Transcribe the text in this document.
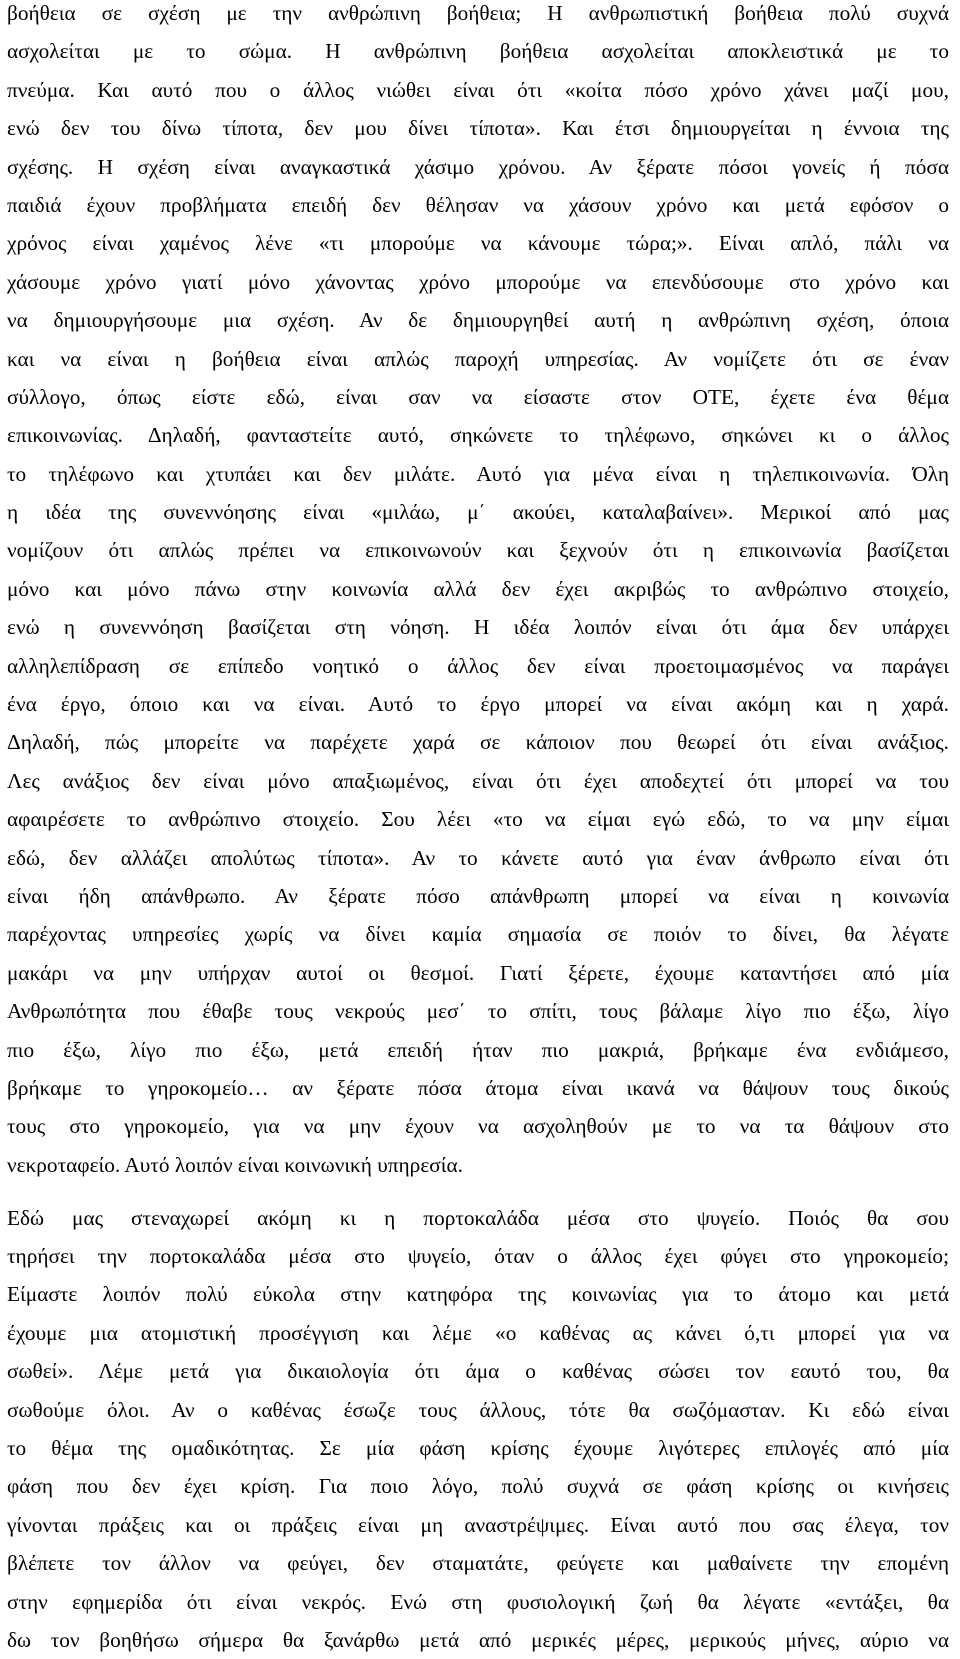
βοήθεια σε σχέση με την ανθρώπινη βοήθεια; Η ανθρωπιστική βοήθεια πολύ συχνά
ασχολείται με το σώμα. Η ανθρώπινη βοήθεια ασχολείται αποκλειστικά με το
πνεύμα. Και αυτό που ο άλλος νιώθει είναι ότι «κοίτα πόσο χρόνο χάνει μαζί μου,
ενώ δεν του δίνω τίποτα, δεν μου δίνει τίποτα». Και έτσι δημιουργείται η έννοια της
σχέσης. Η σχέση είναι αναγκαστικά χάσιμο χρόνου. Αν ξέρατε πόσοι γονείς ή πόσα
παιδιά έχουν προβλήματα επειδή δεν θέλησαν να χάσουν χρόνο και μετά εφόσον ο
χρόνος είναι χαμένος λένε «τι μπορούμε να κάνουμε τώρα;». Είναι απλό, πάλι να
χάσουμε χρόνο γιατί μόνο χάνοντας χρόνο μπορούμε να επενδύσουμε στο χρόνο και
να δημιουργήσουμε μια σχέση. Αν δε δημιουργηθεί αυτή η ανθρώπινη σχέση, όποια
και να είναι η βοήθεια είναι απλώς παροχή υπηρεσίας. Αν νομίζετε ότι σε έναν
σύλλογο, όπως είστε εδώ, είναι σαν να είσαστε στον ΟΤΕ, έχετε ένα θέμα
επικοινωνίας. Δηλαδή, φανταστείτε αυτό, σηκώνετε το τηλέφωνο, σηκώνει κι ο άλλος
το τηλέφωνο και χτυπάει και δεν μιλάτε. Αυτό για μένα είναι η τηλεπικοινωνία. Όλη
η ιδέα της συνεννόησης είναι «μιλάω, μ΄ ακούει, καταλαβαίνει». Μερικοί από μας
νομίζουν ότι απλώς πρέπει να επικοινωνούν και ξεχνούν ότι η επικοινωνία βασίζεται
μόνο και μόνο πάνω στην κοινωνία αλλά δεν έχει ακριβώς το ανθρώπινο στοιχείο,
ενώ η συνεννόηση βασίζεται στη νόηση. Η ιδέα λοιπόν είναι ότι άμα δεν υπάρχει
αλληλεπίδραση σε επίπεδο νοητικό ο άλλος δεν είναι προετοιμασμένος να παράγει
ένα έργο, όποιο και να είναι. Αυτό το έργο μπορεί να είναι ακόμη και η χαρά.
Δηλαδή, πώς μπορείτε να παρέχετε χαρά σε κάποιον που θεωρεί ότι είναι ανάξιος.
Λες ανάξιος δεν είναι μόνο απαξιωμένος, είναι ότι έχει αποδεχτεί ότι μπορεί να του
αφαιρέσετε το ανθρώπινο στοιχείο. Σου λέει «το να είμαι εγώ εδώ, το να μην είμαι
εδώ, δεν αλλάζει απολύτως τίποτα». Αν το κάνετε αυτό για έναν άνθρωπο είναι ότι
είναι ήδη απάνθρωπο. Αν ξέρατε πόσο απάνθρωπη μπορεί να είναι η κοινωνία
παρέχοντας υπηρεσίες χωρίς να δίνει καμία σημασία σε ποιόν το δίνει, θα λέγατε
μακάρι να μην υπήρχαν αυτοί οι θεσμοί. Γιατί ξέρετε, έχουμε καταντήσει από μία
Ανθρωπότητα που έθαβε τους νεκρούς μεσ΄ το σπίτι, τους βάλαμε λίγο πιο έξω, λίγο
πιο έξω, λίγο πιο έξω, μετά επειδή ήταν πιο μακριά, βρήκαμε ένα ενδιάμεσο,
βρήκαμε το γηροκομείο… αν ξέρατε πόσα άτομα είναι ικανά να θάψουν τους δικούς
τους στο γηροκομείο, για να μην έχουν να ασχοληθούν με το να τα θάψουν στο
νεκροταφείο. Αυτό λοιπόν είναι κοινωνική υπηρεσία.
Εδώ μας στεναχωρεί ακόμη κι η πορτοκαλάδα μέσα στο ψυγείο. Ποιός θα σου
τηρήσει την πορτοκαλάδα μέσα στο ψυγείο, όταν ο άλλος έχει φύγει στο γηροκομείο;
Είμαστε λοιπόν πολύ εύκολα στην κατηφόρα της κοινωνίας για το άτομο και μετά
έχουμε μια ατομιστική προσέγγιση και λέμε «ο καθένας ας κάνει ό,τι μπορεί για να
σωθεί». Λέμε μετά για δικαιολογία ότι άμα ο καθένας σώσει τον εαυτό του, θα
σωθούμε όλοι. Αν ο καθένας έσωζε τους άλλους, τότε θα σωζόμασταν. Κι εδώ είναι
το θέμα της ομαδικότητας. Σε μία φάση κρίσης έχουμε λιγότερες επιλογές από μία
φάση που δεν έχει κρίση. Για ποιο λόγο, πολύ συχνά σε φάση κρίσης οι κινήσεις
γίνονται πράξεις και οι πράξεις είναι μη αναστρέψιμες. Είναι αυτό που σας έλεγα, τον
βλέπετε τον άλλον να φεύγει, δεν σταματάτε, φεύγετε και μαθαίνετε την επομένη
στην εφημερίδα ότι είναι νεκρός. Ενώ στη φυσιολογική ζωή θα λέγατε «εντάξει, θα
δω τον βοηθήσω σήμερα θα ξανάρθω μετά από μερικές μέρες, μερικούς μήνες, αύριο να
